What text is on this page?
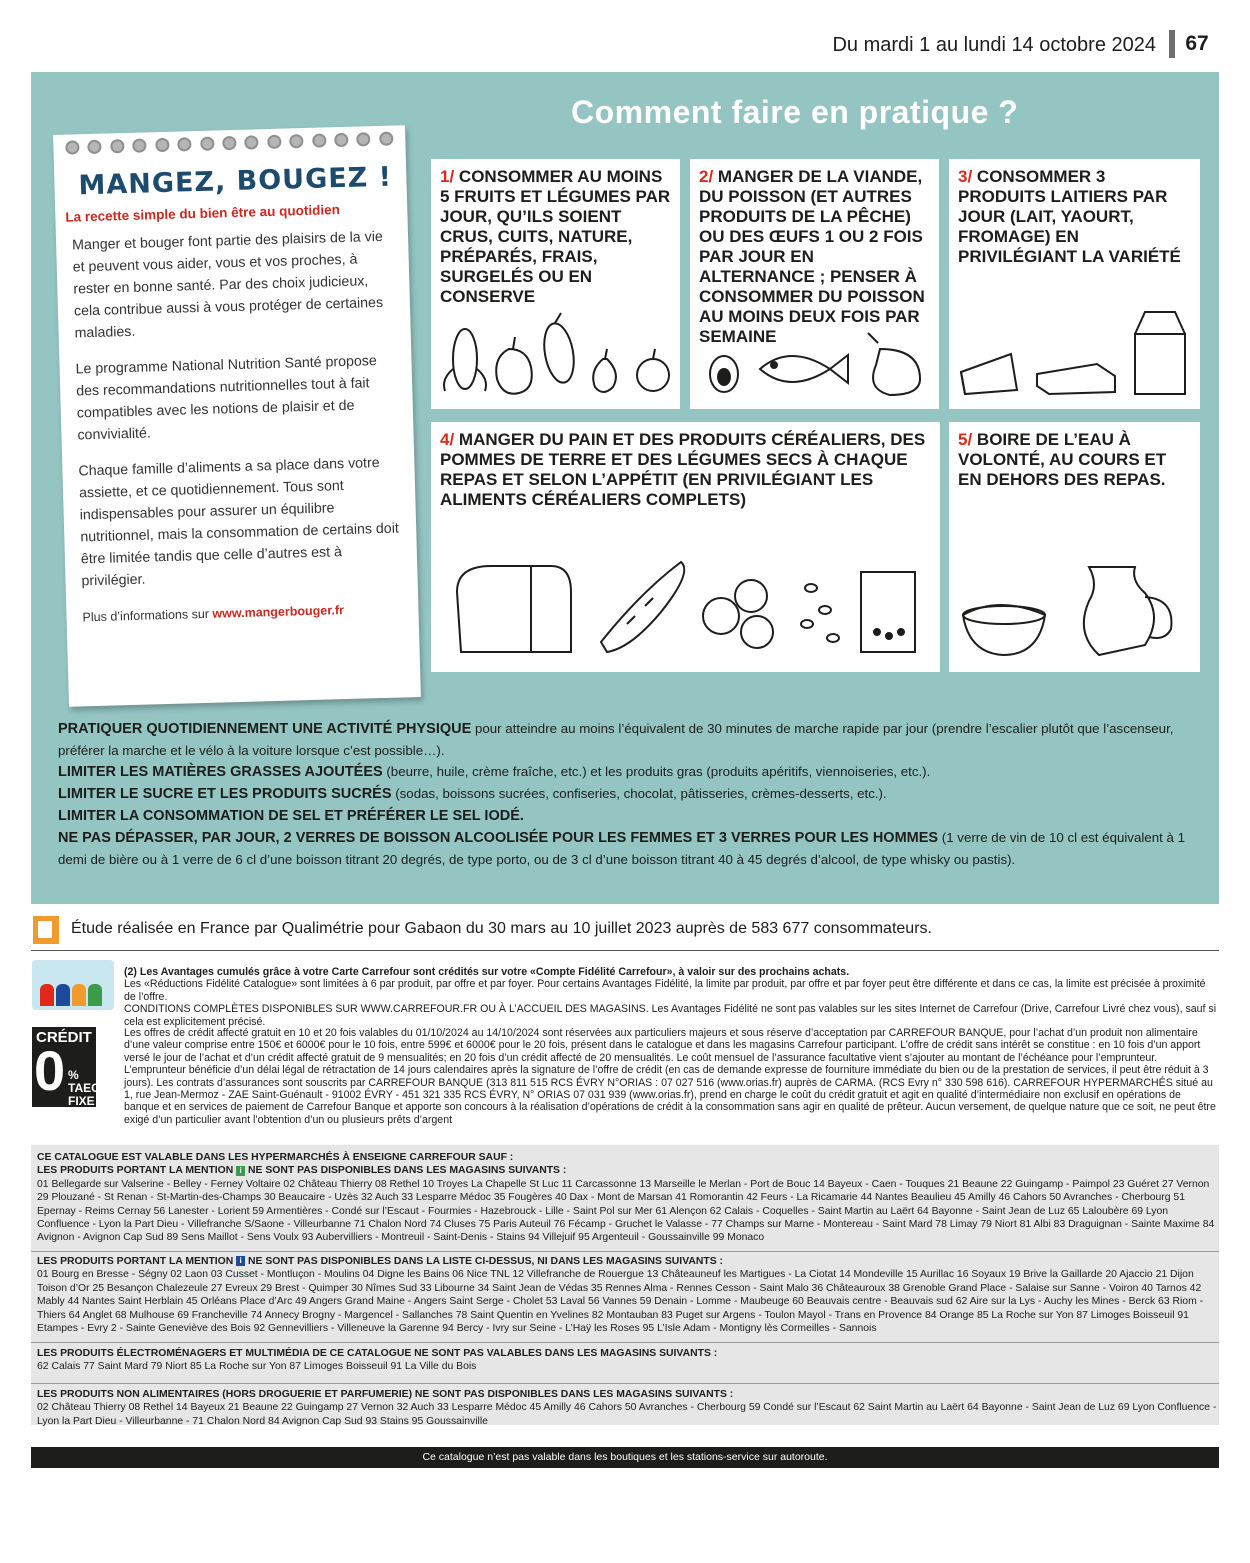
Du mardi 1 au lundi 14 octobre 2024	67
Comment faire en pratique ?
MANGEZ, BOUGEZ !
La recette simple du bien être au quotidien

Manger et bouger font partie des plaisirs de la vie et peuvent vous aider, vous et vos proches, à rester en bonne santé. Par des choix judicieux, cela contribue aussi à vous protéger de certaines maladies.

Le programme National Nutrition Santé propose des recommandations nutritionnelles tout à fait compatibles avec les notions de plaisir et de convivialité.

Chaque famille d’aliments a sa place dans votre assiette, et ce quotidiennement. Tous sont indispensables pour assurer un équilibre nutritionnel, mais la consommation de certains doit être limitée tandis que celle d’autres est à privilégier.

Plus d’informations sur www.mangerbouger.fr
1/ CONSOMMER AU MOINS 5 FRUITS ET LÉGUMES PAR JOUR, QU’ILS SOIENT CRUS, CUITS, NATURE, PRÉPARÉS, FRAIS, SURGELÉS OU EN CONSERVE
2/ MANGER DE LA VIANDE, DU POISSON (ET AUTRES PRODUITS DE LA PÊCHE) OU DES ŒUFS 1 OU 2 FOIS PAR JOUR EN ALTERNANCE ; PENSER À CONSOMMER DU POISSON AU MOINS DEUX FOIS PAR SEMAINE
3/ CONSOMMER 3 PRODUITS LAITIERS PAR JOUR (LAIT, YAOURT, FROMAGE) EN PRIVILÉGIANT LA VARIÉTÉ
4/ MANGER DU PAIN ET DES PRODUITS CÉRÉALIERS, DES POMMES DE TERRE ET DES LÉGUMES SECS À CHAQUE REPAS ET SELON L’APPÉTIT (EN PRIVILÉGIANT LES ALIMENTS CÉRÉALIERS COMPLETS)
5/ BOIRE DE L’EAU À VOLONTÉ, AU COURS ET EN DEHORS DES REPAS.
PRATIQUER QUOTIDIENNEMENT UNE ACTIVITÉ PHYSIQUE pour atteindre au moins l’équivalent de 30 minutes de marche rapide par jour (prendre l’escalier plutôt que l’ascenseur, préférer la marche et le vélo à la voiture lorsque c’est possible…).
LIMITER LES MATIÈRES GRASSES AJOUTÉES (beurre, huile, crème fraîche, etc.) et les produits gras (produits apéritifs, viennoiseries, etc.).
LIMITER LE SUCRE ET LES PRODUITS SUCRÉS (sodas, boissons sucrées, confiseries, chocolat, pâtisseries, crèmes-desserts, etc.).
LIMITER LA CONSOMMATION DE SEL ET PRÉFÉRER LE SEL IODÉ.
NE PAS DÉPASSER, PAR JOUR, 2 VERRES DE BOISSON ALCOOLISÉE POUR LES FEMMES ET 3 VERRES POUR LES HOMMES (1 verre de vin de 10 cl est équivalent à 1 demi de bière ou à 1 verre de 6 cl d’une boisson titrant 20 degrés, de type porto, ou de 3 cl d’une boisson titrant 40 à 45 degrés d’alcool, de type whisky ou pastis).
Étude réalisée en France par Qualimétrie pour Gabaon du 30 mars au 10 juillet 2023 auprès de 583 677 consommateurs.
(2) Les Avantages cumulés grâce à votre Carte Carrefour sont crédités sur votre «Compte Fidélité Carrefour», à valoir sur des prochains achats.
Les «Réductions Fidélité Catalogue» sont limitées à 6 par produit, par offre et par foyer. Pour certains Avantages Fidélité, la limite par produit, par offre et par foyer peut être différente et dans ce cas, la limite est précisée à proximité de l’offre.
CONDITIONS COMPLÈTES DISPONIBLES SUR WWW.CARREFOUR.FR OU À L’ACCUEIL DES MAGASINS. Les Avantages Fidélité ne sont pas valables sur les sites Internet de Carrefour (Drive, Carrefour Livré chez vous), sauf si cela est explicitement précisé.
CRÉDIT
0 % TAEG FIXE
Les offres de crédit affecté gratuit en 10 et 20 fois valables du 01/10/2024 au 14/10/2024 sont réservées aux particuliers majeurs et sous réserve d’acceptation par CARREFOUR BANQUE, pour l’achat d’un produit non alimentaire d’une valeur comprise entre 150€ et 6000€ pour le 10 fois, entre 599€ et 6000€ pour le 20 fois, présent dans le catalogue et dans les magasins Carrefour participant. L’offre de crédit sans intérêt se constitue : en 10 fois d’un apport versé le jour de l’achat et d’un crédit affecté gratuit de 9 mensualités; en 20 fois d’un crédit affecté de 20 mensualités. Le coût mensuel de l’assurance facultative vient s’ajouter au montant de l’échéance pour l’emprunteur. L’emprunteur bénéficie d’un délai légal de rétractation de 14 jours calendaires après la signature de l’offre de crédit (en cas de demande expresse de fourniture immédiate du bien ou de la prestation de services, il peut être réduit à 3 jours). Les contrats d’assurances sont souscrits par CARREFOUR BANQUE (313 811 515 RCS ÉVRY N°ORIAS : 07 027 516 (www.orias.fr) auprès de CARMA. (RCS Evry n° 330 598 616). CARREFOUR HYPERMARCHÉS situé au 1, rue Jean-Mermoz - ZAE Saint-Guénault - 91002 ÉVRY - 451 321 335 RCS ÉVRY, N° ORIAS 07 031 939 (www.orias.fr), prend en charge le coût du crédit gratuit et agit en qualité d’intermédiaire non exclusif en opérations de banque et en services de paiement de Carrefour Banque et apporte son concours à la réalisation d’opérations de crédit à la consommation sans agir en qualité de prêteur. Aucun versement, de quelque nature que ce soit, ne peut être exigé d’un particulier avant l’obtention d’un ou plusieurs prêts d’argent
CE CATALOGUE EST VALABLE DANS LES HYPERMARCHÉS À ENSEIGNE CARREFOUR SAUF :
LES PRODUITS PORTANT LA MENTION i NE SONT PAS DISPONIBLES DANS LES MAGASINS SUIVANTS :
01 Bellegarde sur Valserine - Belley - Ferney Voltaire 02 Château Thierry 08 Rethel 10 Troyes La Chapelle St Luc 11 Carcassonne 13 Marseille le Merlan - Port de Bouc 14 Bayeux - Caen - Touques 21 Beaune 22 Guingamp - Paimpol 23 Guéret 27 Vernon 29 Plouzané - St Renan - St-Martin-des-Champs 30 Beaucaire - Uzès 32 Auch 33 Lesparre Médoc 35 Fougères 40 Dax - Mont de Marsan 41 Romorantin 42 Feurs - La Ricamarie 44 Nantes Beaulieu 45 Amilly 46 Cahors 50 Avranches - Cherbourg 51 Epernay - Reims Cernay 56 Lanester - Lorient 59 Armentières - Condé sur l’Escaut - Fourmies - Hazebrouck - Lille - Saint Pol sur Mer 61 Alençon 62 Calais - Coquelles - Saint Martin au Laërt 64 Bayonne - Saint Jean de Luz 65 Laloubère 69 Lyon Confluence - Lyon la Part Dieu - Villefranche S/Saone - Villeurbanne 71 Chalon Nord 74 Cluses 75 Paris Auteuil 76 Fécamp - Gruchet le Valasse - 77 Champs sur Marne - Montereau - Saint Mard 78 Limay 79 Niort 81 Albi 83 Draguignan - Sainte Maxime 84 Avignon - Avignon Cap Sud 89 Sens Maillot - Sens Voulx 93 Aubervilliers - Montreuil - Saint-Denis - Stains 94 Villejuif 95 Argenteuil - Goussainville 99 Monaco
LES PRODUITS PORTANT LA MENTION i NE SONT PAS DISPONIBLES DANS LA LISTE CI-DESSUS, NI DANS LES MAGASINS SUIVANTS :
01 Bourg en Bresse - Ségny 02 Laon 03 Cusset - Montluçon - Moulins 04 Digne les Bains 06 Nice TNL 12 Villefranche de Rouergue 13 Châteauneuf les Martigues - La Ciotat 14 Mondeville 15 Aurillac 16 Soyaux 19 Brive la Gaillarde 20 Ajaccio 21 Dijon Toison d’Or 25 Besançon Chalezeule 27 Evreux 29 Brest - Quimper 30 Nîmes Sud 33 Libourne 34 Saint Jean de Védas 35 Rennes Alma - Rennes Cesson - Saint Malo 36 Châteauroux 38 Grenoble Grand Place - Salaise sur Sanne - Voiron 40 Tarnos 42 Mably 44 Nantes Saint Herblain 45 Orléans Place d’Arc 49 Angers Grand Maine - Angers Saint Serge - Cholet 53 Laval 56 Vannes 59 Denain - Lomme - Maubeuge 60 Beauvais centre - Beauvais sud 62 Aire sur la Lys - Auchy les Mines - Berck 63 Riom - Thiers 64 Anglet 68 Mulhouse 69 Francheville 74 Annecy Brogny - Margencel - Sallanches 78 Saint Quentin en Yvelines 82 Montauban 83 Puget sur Argens - Toulon Mayol - Trans en Provence 84 Orange 85 La Roche sur Yon 87 Limoges Boisseuil 91 Etampes - Evry 2 - Sainte Geneviève des Bois 92 Gennevilliers - Villeneuve la Garenne 94 Bercy - Ivry sur Seine - L’Haÿ les Roses 95 L’Isle Adam - Montigny lès Cormeilles - Sannois
LES PRODUITS ÉLECTROMÉNAGERS ET MULTIMÉDIA DE CE CATALOGUE NE SONT PAS VALABLES DANS LES MAGASINS SUIVANTS :
62 Calais 77 Saint Mard 79 Niort 85 La Roche sur Yon 87 Limoges Boisseuil 91 La Ville du Bois
LES PRODUITS NON ALIMENTAIRES (HORS DROGUERIE ET PARFUMERIE) NE SONT PAS DISPONIBLES DANS LES MAGASINS SUIVANTS :
02 Château Thierry 08 Rethel 14 Bayeux 21 Beaune 22 Guingamp 27 Vernon 32 Auch 33 Lesparre Médoc 45 Amilly 46 Cahors 50 Avranches - Cherbourg 59 Condé sur l’Escaut 62 Saint Martin au Laërt 64 Bayonne - Saint Jean de Luz 69 Lyon Confluence - Lyon la Part Dieu - Villeurbanne - 71 Chalon Nord 84 Avignon Cap Sud 93 Stains 95 Goussainville
Ce catalogue n’est pas valable dans les boutiques et les stations-service sur autoroute.
